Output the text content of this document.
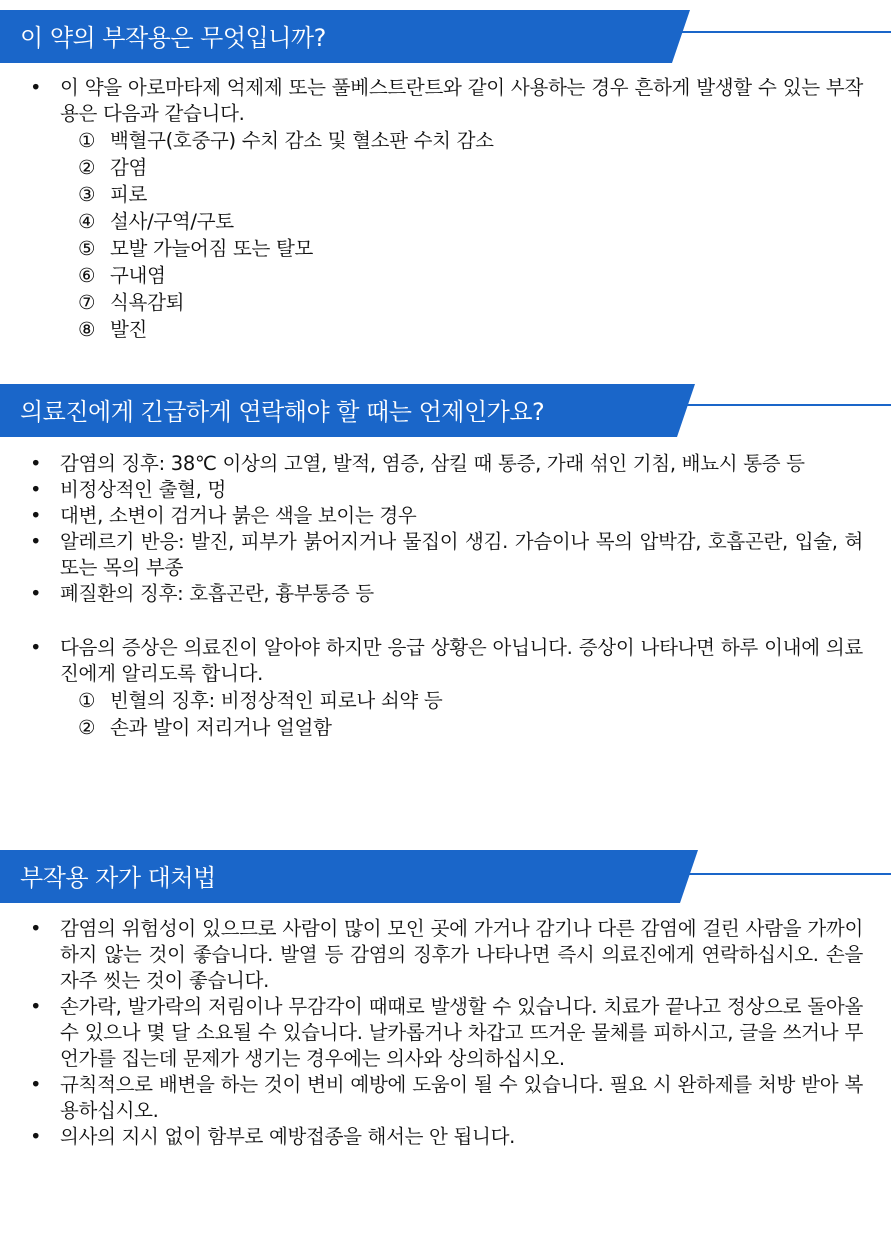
이 약의 부작용은 무엇입니까?
• 이 약을 아로마타제 억제제 또는 풀베스트란트와 같이 사용하는 경우 흔하게 발생할 수 있는 부작용은 다음과 같습니다.
① 백혈구(호중구) 수치 감소 및 혈소판 수치 감소
② 감염
③ 피로
④ 설사/구역/구토
⑤ 모발 가늘어짐 또는 탈모
⑥ 구내염
⑦ 식욕감퇴
⑧ 발진
의료진에게 긴급하게 연락해야 할 때는 언제인가요?
• 감염의 징후: 38℃ 이상의 고열, 발적, 염증, 삼킬 때 통증, 가래 섞인 기침, 배뇨시 통증 등
• 비정상적인 출혈, 멍
• 대변, 소변이 검거나 붉은 색을 보이는 경우
• 알레르기 반응: 발진, 피부가 붉어지거나 물집이 생김. 가슴이나 목의 압박감, 호흡곤란, 입술, 혀 또는 목의 부종
• 폐질환의 징후: 호흡곤란, 흉부통증 등
• 다음의 증상은 의료진이 알아야 하지만 응급 상황은 아닙니다. 증상이 나타나면 하루 이내에 의료진에게 알리도록 합니다.
① 빈혈의 징후: 비정상적인 피로나 쇠약 등
② 손과 발이 저리거나 얼얼함
부작용 자가 대처법
• 감염의 위험성이 있으므로 사람이 많이 모인 곳에 가거나 감기나 다른 감염에 걸린 사람을 가까이하지 않는 것이 좋습니다. 발열 등 감염의 징후가 나타나면 즉시 의료진에게 연락하십시오. 손을 자주 씻는 것이 좋습니다.
• 손가락, 발가락의 저림이나 무감각이 때때로 발생할 수 있습니다. 치료가 끝나고 정상으로 돌아올 수 있으나 몇 달 소요될 수 있습니다. 날카롭거나 차갑고 뜨거운 물체를 피하시고, 글을 쓰거나 무언가를 집는데 문제가 생기는 경우에는 의사와 상의하십시오.
• 규칙적으로 배변을 하는 것이 변비 예방에 도움이 될 수 있습니다. 필요 시 완하제를 처방 받아 복용하십시오.
• 의사의 지시 없이 함부로 예방접종을 해서는 안 됩니다.
